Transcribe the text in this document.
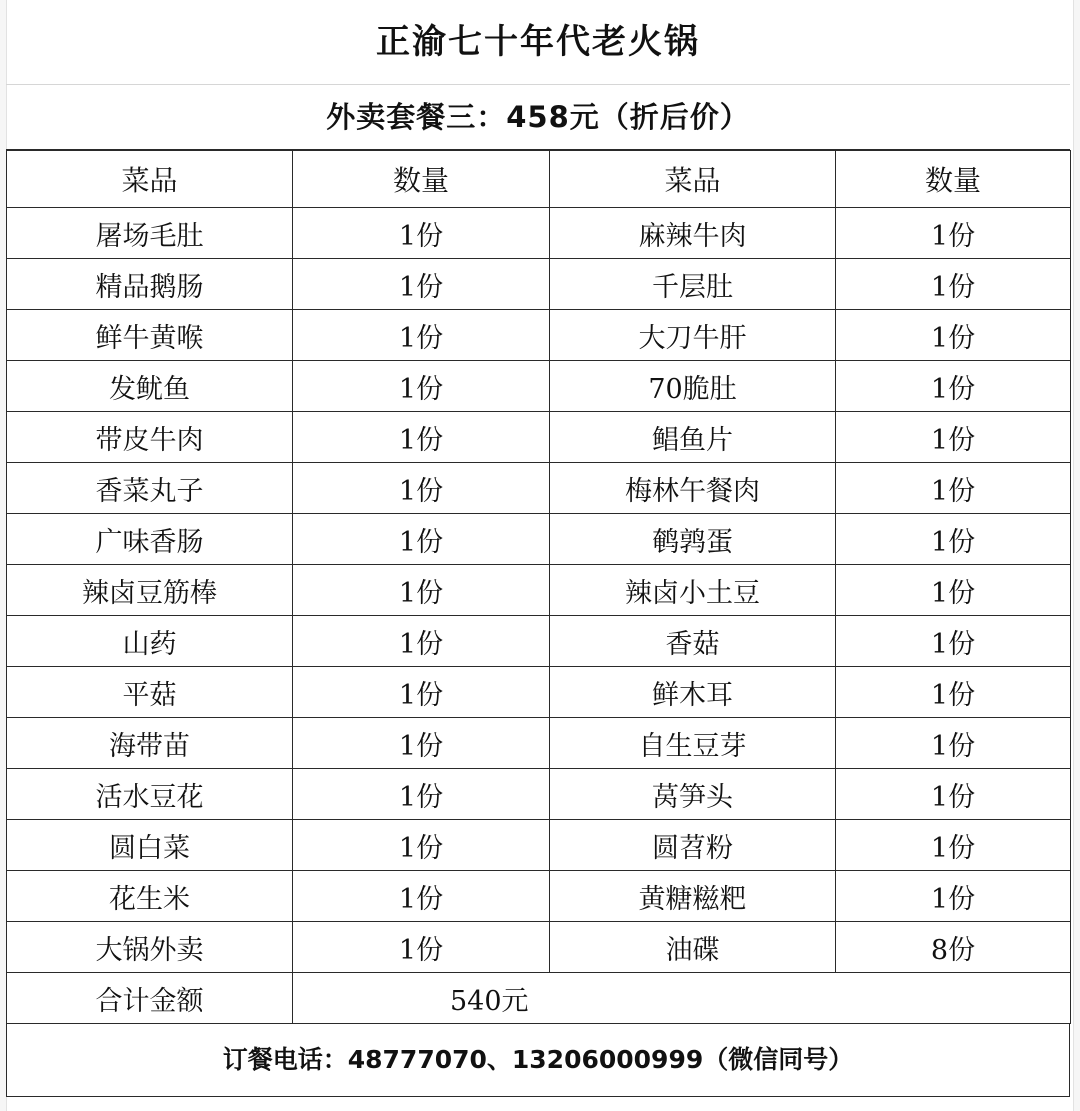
正渝七十年代老火锅
外卖套餐三：458元（折后价）
菜品	数量	菜品	数量
屠场毛肚	1份	麻辣牛肉	1份
精品鹅肠	1份	千层肚	1份
鲜牛黄喉	1份	大刀牛肝	1份
发鱿鱼	1份	70脆肚	1份
带皮牛肉	1份	鲳鱼片	1份
香菜丸子	1份	梅林午餐肉	1份
广味香肠	1份	鹌鹑蛋	1份
辣卤豆筋棒	1份	辣卤小土豆	1份
山药	1份	香菇	1份
平菇	1份	鲜木耳	1份
海带苗	1份	自生豆芽	1份
活水豆花	1份	莴笋头	1份
圆白菜	1份	圆苕粉	1份
花生米	1份	黄糖糍粑	1份
大锅外卖	1份	油碟	8份
合计金额	540元		
订餐电话：48777070、13206000999（微信同号）
